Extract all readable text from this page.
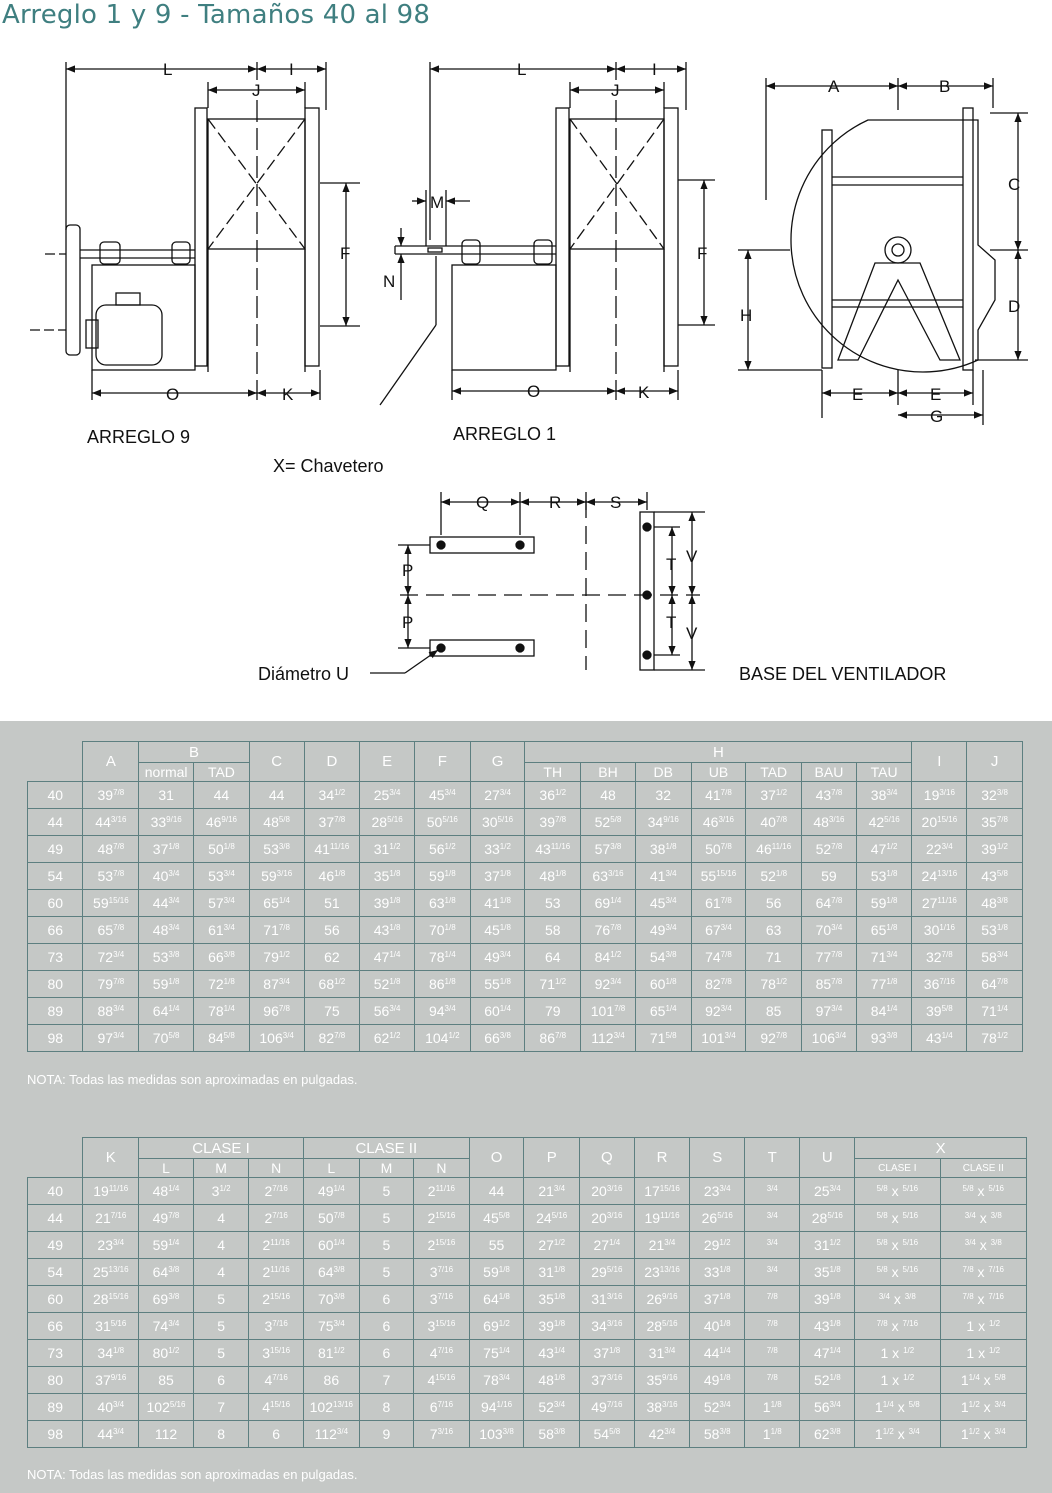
Arreglo 1 y 9 - Tamaños 40 al 98
L	I
J
F
O	K
ARREGLO 9
L	I
J
F
M
N
O	K
ARREGLO 1
A	B
C
D
H
E	E
G
X= Chavetero
Q	R	S
P
P
T
T
V
V
Diámetro U	BASE DEL VENTILADOR
	A	B		C	D	E	F	G	H							I	J
		normal	TAD						TH	BH	DB	UB	TAD	BAU	TAU		
40	$39^{7/8}$	31	44	44	$34^{1/2}$	$25^{3/4}$	$45^{3/4}$	$27^{3/4}$	$36^{1/2}$	48	32	$41^{7/8}$	$37^{1/2}$	$43^{7/8}$	$38^{3/4}$	$19^{3/16}$	$32^{3/8}$
44	$44^{3/16}$	$33^{9/16}$	$46^{9/16}$	$48^{5/8}$	$37^{7/8}$	$28^{5/16}$	$50^{5/16}$	$30^{5/16}$	$39^{7/8}$	$52^{5/8}$	$34^{9/16}$	$46^{3/16}$	$40^{7/8}$	$48^{3/16}$	$42^{5/16}$	$20^{15/16}$	$35^{7/8}$
49	$48^{7/8}$	$37^{1/8}$	$50^{1/8}$	$53^{3/8}$	$41^{11/16}$	$31^{1/2}$	$56^{1/2}$	$33^{1/2}$	$43^{11/16}$	$57^{3/8}$	$38^{1/8}$	$50^{7/8}$	$46^{11/16}$	$52^{7/8}$	$47^{1/2}$	$22^{3/4}$	$39^{1/2}$
54	$53^{7/8}$	$40^{3/4}$	$53^{3/4}$	$59^{3/16}$	$46^{1/8}$	$35^{1/8}$	$59^{1/8}$	$37^{1/8}$	$48^{1/8}$	$63^{3/16}$	$41^{3/4}$	$55^{15/16}$	$52^{1/8}$	59	$53^{1/8}$	$24^{13/16}$	$43^{5/8}$
60	$59^{15/16}$	$44^{3/4}$	$57^{3/4}$	$65^{1/4}$	51	$39^{1/8}$	$63^{1/8}$	$41^{1/8}$	53	$69^{1/4}$	$45^{3/4}$	$61^{7/8}$	56	$64^{7/8}$	$59^{1/8}$	$27^{11/16}$	$48^{3/8}$
66	$65^{7/8}$	$48^{3/4}$	$61^{3/4}$	$71^{7/8}$	56	$43^{1/8}$	$70^{1/8}$	$45^{1/8}$	58	$76^{7/8}$	$49^{3/4}$	$67^{3/4}$	63	$70^{3/4}$	$65^{1/8}$	$30^{1/16}$	$53^{1/8}$
73	$72^{3/4}$	$53^{3/8}$	$66^{3/8}$	$79^{1/2}$	62	$47^{1/4}$	$78^{1/4}$	$49^{3/4}$	64	$84^{1/2}$	$54^{3/8}$	$74^{7/8}$	71	$77^{7/8}$	$71^{3/4}$	$32^{7/8}$	$58^{3/4}$
80	$79^{7/8}$	$59^{1/8}$	$72^{1/8}$	$87^{3/4}$	$68^{1/2}$	$52^{1/8}$	$86^{1/8}$	$55^{1/8}$	$71^{1/2}$	$92^{3/4}$	$60^{1/8}$	$82^{7/8}$	$78^{1/2}$	$85^{7/8}$	$77^{1/8}$	$36^{7/16}$	$64^{7/8}$
89	$88^{3/4}$	$64^{1/4}$	$78^{1/4}$	$96^{7/8}$	75	$56^{3/4}$	$94^{3/4}$	$60^{1/4}$	79	$101^{7/8}$	$65^{1/4}$	$92^{3/4}$	85	$97^{3/4}$	$84^{1/4}$	$39^{5/8}$	$71^{1/4}$
98	$97^{3/4}$	$70^{5/8}$	$84^{5/8}$	$106^{3/4}$	$82^{7/8}$	$62^{1/2}$	$104^{1/2}$	$66^{3/8}$	$86^{7/8}$	$112^{3/4}$	$71^{5/8}$	$101^{3/4}$	$92^{7/8}$	$106^{3/4}$	$93^{3/8}$	$43^{1/4}$	$78^{1/2}$
NOTA: Todas las medidas son aproximadas en pulgadas.
	K	CLASE I			CLASE II			O	P	Q	R	S	T	U	X	
		L	M	N	L	M	N								CLASE I	CLASE II
40	$19^{11/16}$	$48^{1/4}$	$3^{1/2}$	$2^{7/16}$	$49^{1/4}$	5	$2^{11/16}$	44	$21^{3/4}$	$20^{3/16}$	$17^{15/16}$	$23^{3/4}$	$^{3/4}$	$25^{3/4}$	$^{5/8}$ x $^{5/16}$	$^{5/8}$ x $^{5/16}$
44	$21^{7/16}$	$49^{7/8}$	4	$2^{7/16}$	$50^{7/8}$	5	$2^{15/16}$	$45^{5/8}$	$24^{5/16}$	$20^{3/16}$	$19^{11/16}$	$26^{5/16}$	$^{3/4}$	$28^{5/16}$	$^{5/8}$ x $^{5/16}$	$^{3/4}$ x $^{3/8}$
49	$23^{3/4}$	$59^{1/4}$	4	$2^{11/16}$	$60^{1/4}$	5	$2^{15/16}$	55	$27^{1/2}$	$27^{1/4}$	$21^{3/4}$	$29^{1/2}$	$^{3/4}$	$31^{1/2}$	$^{5/8}$ x $^{5/16}$	$^{3/4}$ x $^{3/8}$
54	$25^{13/16}$	$64^{3/8}$	4	$2^{11/16}$	$64^{3/8}$	5	$3^{7/16}$	$59^{1/8}$	$31^{1/8}$	$29^{5/16}$	$23^{13/16}$	$33^{1/8}$	$^{3/4}$	$35^{1/8}$	$^{5/8}$ x $^{5/16}$	$^{7/8}$ x $^{7/16}$
60	$28^{15/16}$	$69^{3/8}$	5	$2^{15/16}$	$70^{3/8}$	6	$3^{7/16}$	$64^{1/8}$	$35^{1/8}$	$31^{3/16}$	$26^{9/16}$	$37^{1/8}$	$^{7/8}$	$39^{1/8}$	$^{3/4}$ x $^{3/8}$	$^{7/8}$ x $^{7/16}$
66	$31^{5/16}$	$74^{3/4}$	5	$3^{7/16}$	$75^{3/4}$	6	$3^{15/16}$	$69^{1/2}$	$39^{1/8}$	$34^{3/16}$	$28^{5/16}$	$40^{1/8}$	$^{7/8}$	$43^{1/8}$	$^{7/8}$ x $^{7/16}$	1 x $^{1/2}$
73	$34^{1/8}$	$80^{1/2}$	5	$3^{15/16}$	$81^{1/2}$	6	$4^{7/16}$	$75^{1/4}$	$43^{1/4}$	$37^{1/8}$	$31^{3/4}$	$44^{1/4}$	$^{7/8}$	$47^{1/4}$	1 x $^{1/2}$	1 x $^{1/2}$
80	$37^{9/16}$	85	6	$4^{7/16}$	86	7	$4^{15/16}$	$78^{3/4}$	$48^{1/8}$	$37^{3/16}$	$35^{9/16}$	$49^{1/8}$	$^{7/8}$	$52^{1/8}$	1 x $^{1/2}$	$1^{1/4}$ x $^{5/8}$
89	$40^{3/4}$	$102^{5/16}$	7	$4^{15/16}$	$102^{13/16}$	8	$6^{7/16}$	$94^{1/16}$	$52^{3/4}$	$49^{7/16}$	$38^{3/16}$	$52^{3/4}$	$1^{1/8}$	$56^{3/4}$	$1^{1/4}$ x $^{5/8}$	$1^{1/2}$ x $^{3/4}$
98	$44^{3/4}$	112	8	6	$112^{3/4}$	9	$7^{3/16}$	$103^{3/8}$	$58^{3/8}$	$54^{5/8}$	$42^{3/4}$	$58^{3/8}$	$1^{1/8}$	$62^{3/8}$	$1^{1/2}$ x $^{3/4}$	$1^{1/2}$ x $^{3/4}$
NOTA: Todas las medidas son aproximadas en pulgadas.
